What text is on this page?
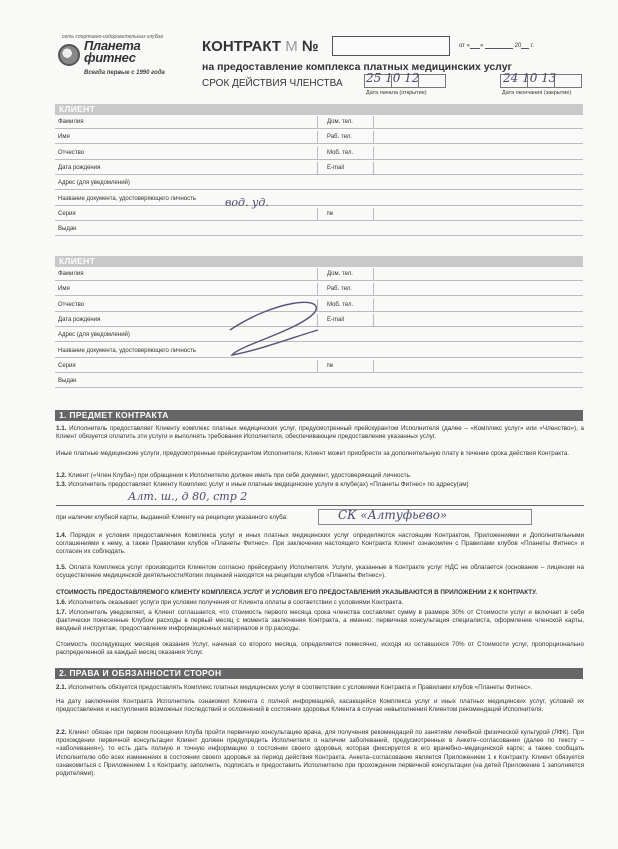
сеть спортивно-оздоровительных клубов
Планета
фитнес
Всегда первые с 1990 года
КОНТРАКТ М №	от « »	20 г.
на предоставление комплекса платных медицинских услуг
СРОК ДЕЙСТВИЯ ЧЛЕНСТВА 25 10 12	24 10 13
Дата начала (открытие)	Дата окончания (закрытие)
КЛИЕНТ
Фамилия	Дом. тел.
Имя	Раб. тел.
Отчество	Моб. тел.
Дата рождения	E-mail
Адрес (для уведомлений)
Название документа, удостоверяющего личность
Серия	№
Выдан
вод. уд.
КЛИЕНТ
Фамилия	Дом. тел.
Имя	Раб. тел.
Отчество	Моб. тел.
Дата рождения	E-mail
Адрес (для уведомлений)
Название документа, удостоверяющего личность
Серия	№
Выдан
1. ПРЕДМЕТ КОНТРАКТА
1.1. Исполнитель предоставляет Клиенту комплекс платных медицинских услуг, предусмотренный прейскурантом Исполнителя (далее – «Комплекс услуг» или «Членство»), а Клиент обязуется оплатить эти услуги и выполнять требования Исполнителя, обеспечивающие предоставление указанных услуг.
Иные платные медицинские услуги, предусмотренные прейскурантом Исполнителя, Клиент может приобрести за дополнительную плату в течение срока действия Контракта.
1.2. Клиент («Член Клуба») при обращении к Исполнителю должен иметь при себе документ, удостоверяющий личность.
1.3. Исполнитель предоставляет Клиенту Комплекс услуг и иные платные медицинские услуги в клубе(ах) «Планеты Фитнес» по адресу(ам)
Алт. ш., д 80, стр 2
при наличии клубной карты, выданной Клиенту на рецепции указанного клуба:	СК «Алтуфьево»
1.4. Порядок и условия предоставления Комплекса услуг и иных платных медицинских услуг определяются настоящим Контрактом, Приложениями и Дополнительными соглашениями к нему, а также Правилами клубов «Планеты Фитнес». При заключении настоящего Контракта Клиент ознакомлен с Правилами клубов «Планеты Фитнес» и согласен их соблюдать.
1.5. Оплата Комплекса услуг производится Клиентом согласно прейскуранту Исполнителя. Услуги, указанные в Контракте услуг НДС не облагается (основание – лицензии на осуществление медицинской деятельности/Копии лицензий находятся на рецепции клубов «Планеты Фитнес»).
СТОИМОСТЬ ПРЕДОСТАВЛЯЕМОГО КЛИЕНТУ КОМПЛЕКСА УСЛУГ И УСЛОВИЯ ЕГО ПРЕДОСТАВЛЕНИЯ УКАЗЫВАЮТСЯ В ПРИЛОЖЕНИИ 2 К КОНТРАКТУ.
1.6. Исполнитель оказывает услуги при условии получения от Клиента оплаты в соответствии с условиями Контракта.
1.7. Исполнитель уведомляет, а Клиент соглашается, что стоимость первого месяца срока членства составляет сумму в размере 30% от Стоимости услуг и включает в себя фактически понесенные Клубом расходы в первый месяц с момента заключения Контракта, а именно: первичная консультация специалиста, оформление членской карты, вводный инструктаж, предоставление информационных материалов и пр.расходы.
Стоимость последующих месяцев оказания Услуг, начиная со второго месяца, определяется помесячно, исходя из оставшихся 70% от Стоимости услуг, пропорционально распределенной за каждый месяц оказания Услуг.
2. ПРАВА И ОБЯЗАННОСТИ СТОРОН
2.1. Исполнитель обязуется предоставлять Комплекс платных медицинских услуг в соответствии с условиями Контракта и Правилами клубов «Планеты Фитнес».
На дату заключения Контракта Исполнитель ознакомил Клиента с полной информацией, касающейся Комплекса услуг и иных платных медицинских услуг, условий их предоставления и наступления возможных последствий и осложнений в состоянии здоровья Клиента в случае невыполнения Клиентом рекомендаций Исполнителя.
2.2. Клиент обязан при первом посещении Клуба пройти первичную консультацию врача, для получения рекомендаций по занятиям лечебной физической культурой (ЛФК). При прохождении первичной консультации Клиент должен предупредить Исполнителя о наличии заболеваний, предусмотренных в Анкете–согласовании (далее по тексту – «заболевания»), то есть дать полную и точную информацию о состоянии своего здоровья, которая фиксируется в его врачебно–медицинской карте; а также сообщать Исполнителю обо всех изменениях в состоянии своего здоровья за период действия Контракта. Анкета–согласование является Приложением 1 к Контракту. Клиент обязуется ознакомиться с Приложением 1 к Контракту, заполнить, подписать и предоставить Исполнителю при прохождении первичной консультации (на детей Приложение 1 заполняется родителями).
